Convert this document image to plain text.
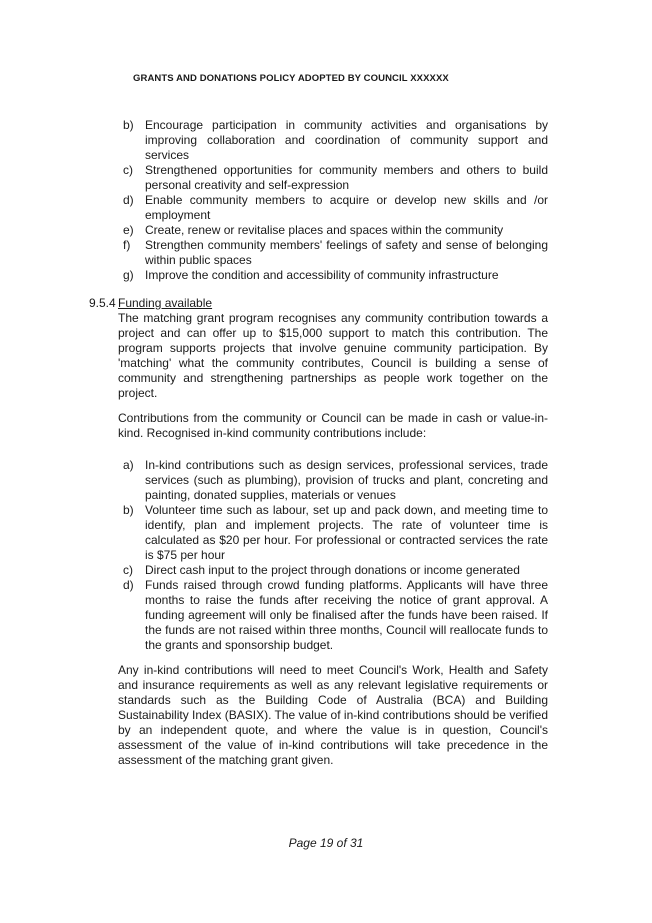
GRANTS AND DONATIONS POLICY ADOPTED BY COUNCIL XXXXXX
b) Encourage participation in community activities and organisations by improving collaboration and coordination of community support and services
c)	Strengthened opportunities for community members and others to build personal creativity and self-expression
d) Enable community members to acquire or develop new skills and /or employment
e) Create, renew or revitalise places and spaces within the community
f)	Strengthen community members' feelings of safety and sense of belonging within public spaces
g) Improve the condition and accessibility of community infrastructure
9.5.4 Funding available

The matching grant program recognises any community contribution towards a project and can offer up to $15,000 support to match this contribution. The program supports projects that involve genuine community participation. By 'matching' what the community contributes, Council is building a sense of community and strengthening partnerships as people work together on the project.

Contributions from the community or Council can be made in cash or value-in-kind. Recognised in-kind community contributions include:

a) In-kind contributions such as design services, professional services, trade services (such as plumbing), provision of trucks and plant, concreting and painting, donated supplies, materials or venues
b) Volunteer time such as labour, set up and pack down, and meeting time to identify, plan and implement projects. The rate of volunteer time is calculated as $20 per hour. For professional or contracted services the rate is $75 per hour
c)	Direct cash input to the project through donations or income generated
d) Funds raised through crowd funding platforms. Applicants will have three months to raise the funds after receiving the notice of grant approval. A funding agreement will only be finalised after the funds have been raised. If the funds are not raised within three months, Council will reallocate funds to the grants and sponsorship budget.

Any in-kind contributions will need to meet Council's Work, Health and Safety and insurance requirements as well as any relevant legislative requirements or standards such as the Building Code of Australia (BCA) and Building Sustainability Index (BASIX). The value of in-kind contributions should be verified by an independent quote, and where the value is in question, Council's assessment of the value of in-kind contributions will take precedence in the assessment of the matching grant given.

Page 19 of 31
